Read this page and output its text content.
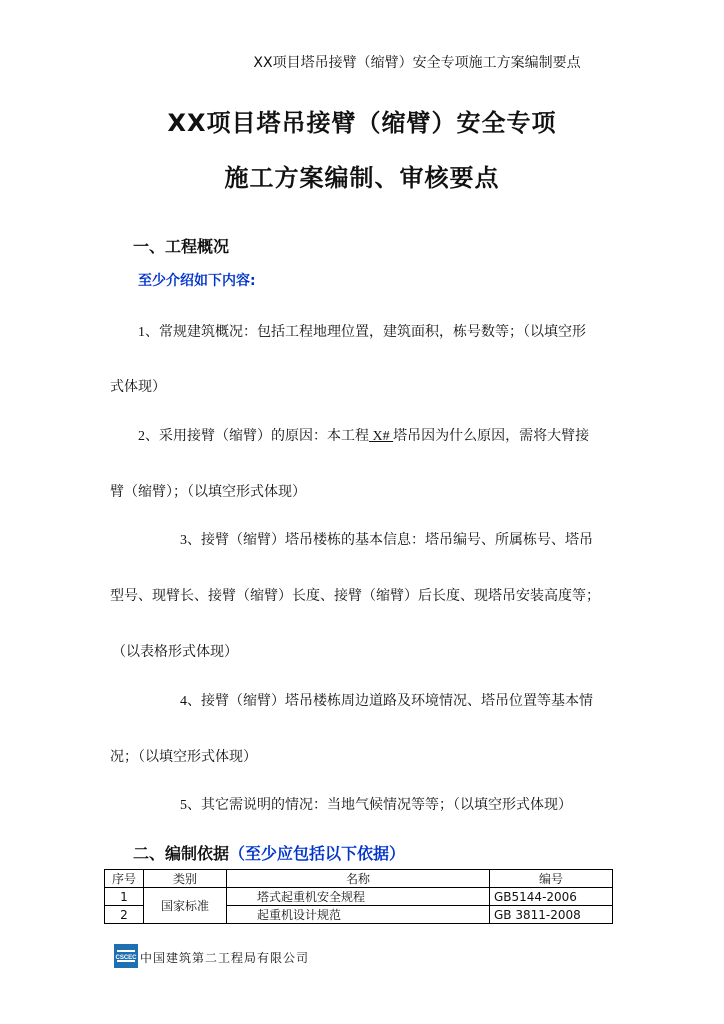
XX项目塔吊接臂（缩臂）安全专项施工方案编制要点
XX项目塔吊接臂（缩臂）安全专项
施工方案编制、审核要点
一、工程概况
至少介绍如下内容:
1、常规建筑概况：包括工程地理位置，建筑面积，栋号数等；（以填空形
式体现）
2、采用接臂（缩臂）的原因：本工程 X# 塔吊因为什么原因，需将大臂接
臂（缩臂）；（以填空形式体现）
3、接臂（缩臂）塔吊楼栋的基本信息：塔吊编号、所属栋号、塔吊
型号、现臂长、接臂（缩臂）长度、接臂（缩臂）后长度、现塔吊安装高度等；
（以表格形式体现）
4、接臂（缩臂）塔吊楼栋周边道路及环境情况、塔吊位置等基本情
况；（以填空形式体现）
5、其它需说明的情况：当地气候情况等等；（以填空形式体现）
二、编制依据（至少应包括以下依据）
序号	类别	名称	编号
1	国家标准	塔式起重机安全规程	GB5144-2006
2		起重机设计规范	GB 3811-2008
CSCEC 中国建筑第二工程局有限公司
